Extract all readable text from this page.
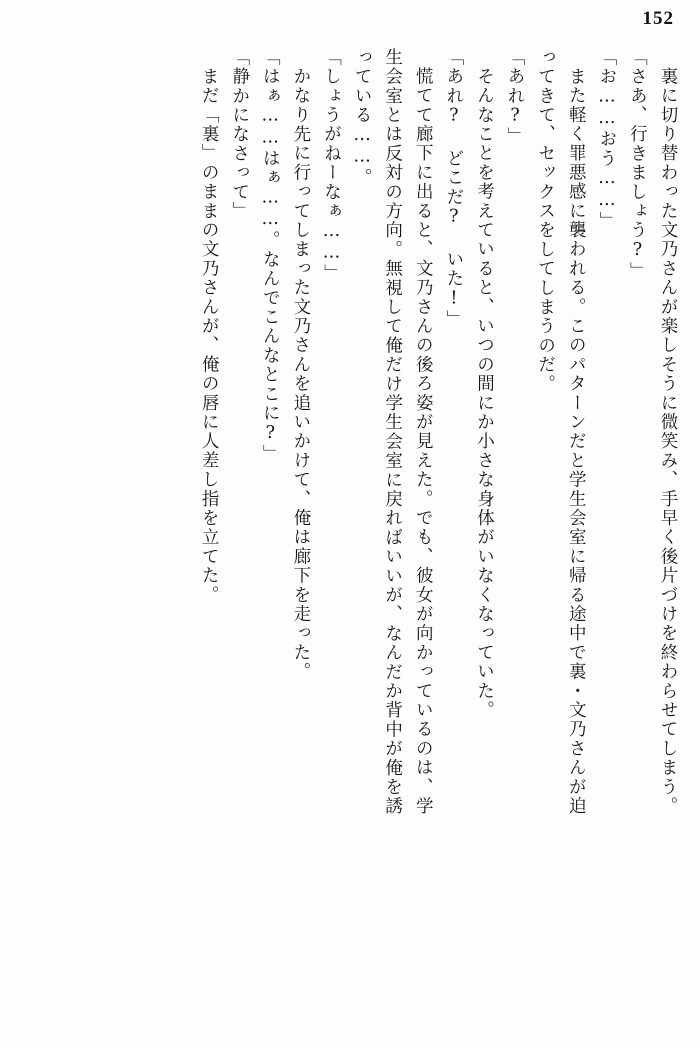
152
裏に切り替わった文乃さんが楽しそうに微笑み、手早く後片づけを終わらせてしまう。
「さあ、行きましょう?」
「お……おう……」
また軽く罪悪感に襲われる。このパターンだと学生会室に帰る途中で裏・文乃さんが迫
ってきて、セックスをしてしまうのだ。
「あれ?」
そんなことを考えていると、いつの間にか小さな身体がいなくなっていた。
「あれ? どこだ? いた!」
慌てて廊下に出ると、文乃さんの後ろ姿が見えた。でも、彼女が向かっているのは、学
生会室とは反対の方向。無視して俺だけ学生会室に戻ればいいが、なんだか背中が俺を誘
っている……。
「しょうがねーなぁ……」
かなり先に行ってしまった文乃さんを追いかけて、俺は廊下を走った。
「はぁ……はぁ……。なんでこんなとこに?」
「静かになさって」
まだ「裏」のままの文乃さんが、俺の唇に人差し指を立てた。
